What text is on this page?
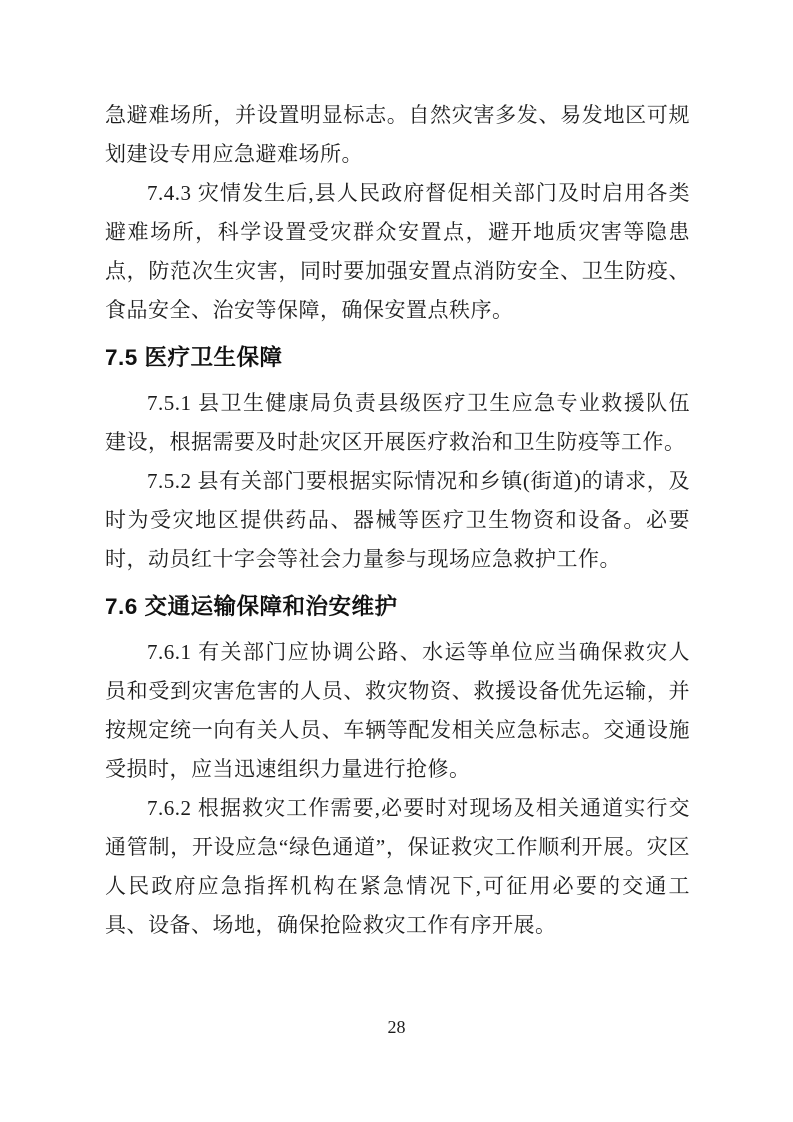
急避难场所，并设置明显标志。自然灾害多发、易发地区可规划建设专用应急避难场所。

7.4.3 灾情发生后,县人民政府督促相关部门及时启用各类避难场所，科学设置受灾群众安置点，避开地质灾害等隐患点，防范次生灾害，同时要加强安置点消防安全、卫生防疫、食品安全、治安等保障，确保安置点秩序。

7.5 医疗卫生保障

7.5.1 县卫生健康局负责县级医疗卫生应急专业救援队伍建设，根据需要及时赴灾区开展医疗救治和卫生防疫等工作。

7.5.2 县有关部门要根据实际情况和乡镇(街道)的请求，及时为受灾地区提供药品、器械等医疗卫生物资和设备。必要时，动员红十字会等社会力量参与现场应急救护工作。

7.6 交通运输保障和治安维护

7.6.1 有关部门应协调公路、水运等单位应当确保救灾人员和受到灾害危害的人员、救灾物资、救援设备优先运输，并按规定统一向有关人员、车辆等配发相关应急标志。交通设施受损时，应当迅速组织力量进行抢修。

7.6.2 根据救灾工作需要,必要时对现场及相关通道实行交通管制，开设应急“绿色通道”，保证救灾工作顺利开展。灾区人民政府应急指挥机构在紧急情况下,可征用必要的交通工具、设备、场地，确保抢险救灾工作有序开展。

28
